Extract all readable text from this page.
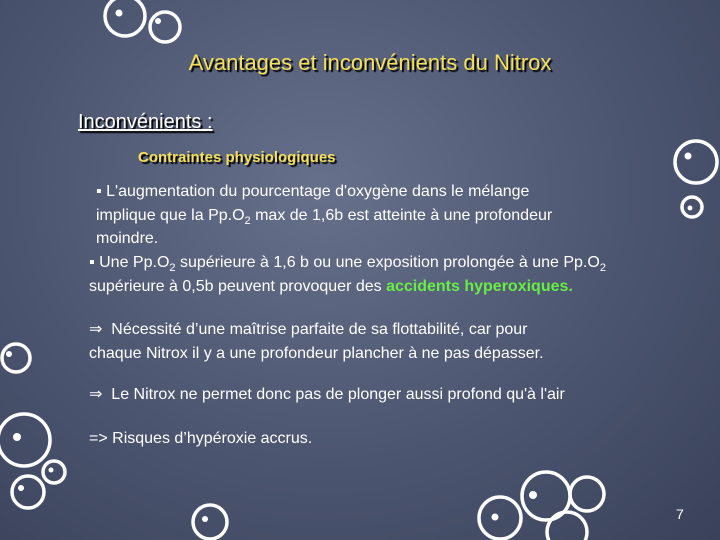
Avantages et inconvénients du Nitrox
Inconvénients :
Contraintes physiologiques
▪ L'augmentation du pourcentage d'oxygène dans le mélange
implique que la $Pp.O_2$ max de 1,6b est atteinte à une profondeur
moindre.
▪ Une $Pp.O_2$ supérieure à 1,6 b ou une exposition prolongée à une $Pp.O_2$
supérieure à 0,5b peuvent provoquer des accidents hyperoxiques.
⇒ Nécessité d’une maîtrise parfaite de sa flottabilité, car pour
chaque Nitrox il y a une profondeur plancher à ne pas dépasser.
⇒ Le Nitrox ne permet donc pas de plonger aussi profond qu'à l'air
=> Risques d’hypéroxie accrus.
7
